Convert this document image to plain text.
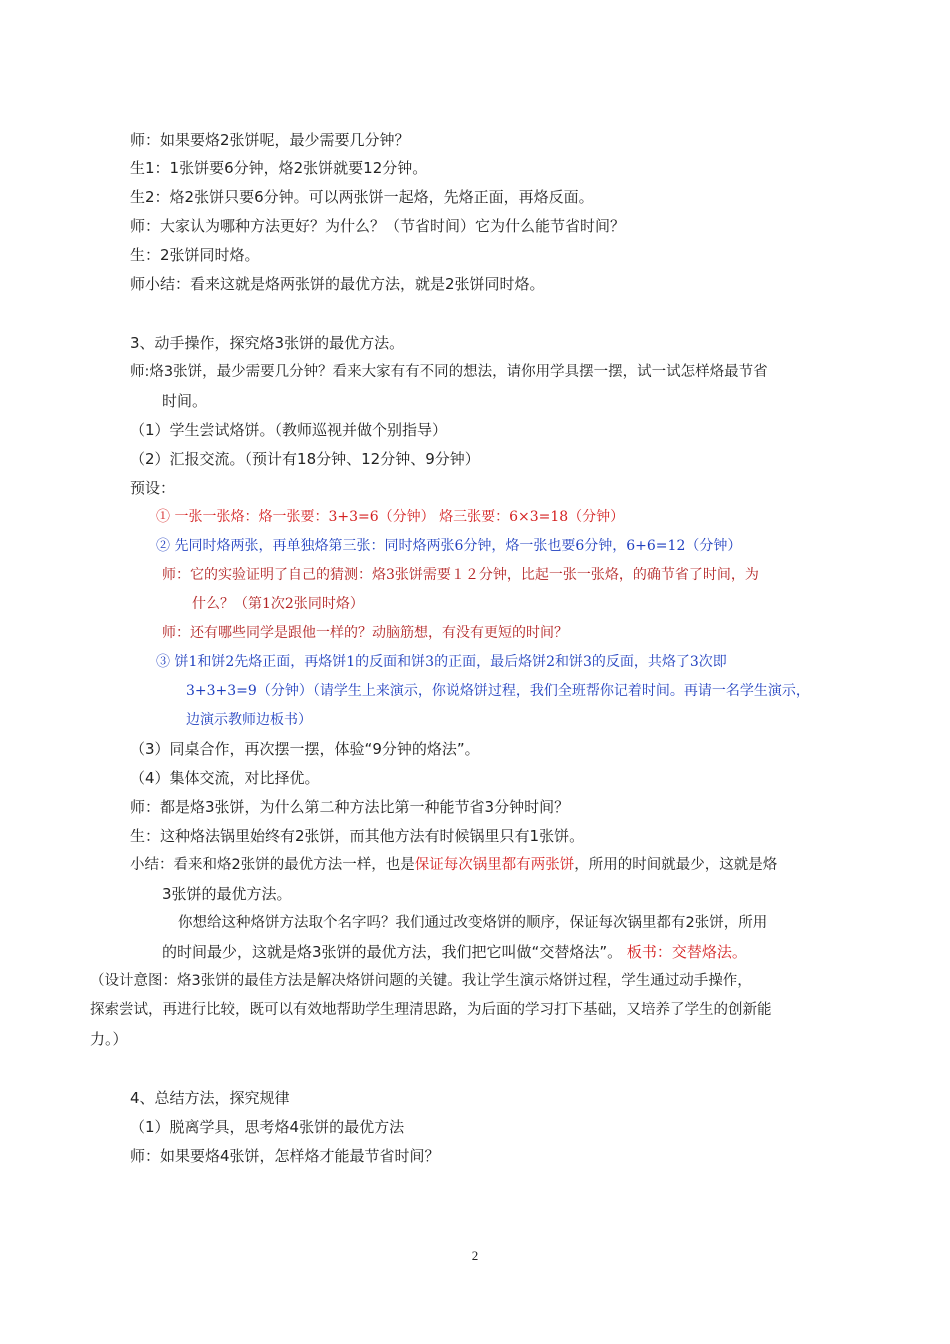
师：如果要烙2张饼呢，最少需要几分钟？
生1：1张饼要6分钟，烙2张饼就要12分钟。
生2：烙2张饼只要6分钟。可以两张饼一起烙，先烙正面，再烙反面。
师：大家认为哪种方法更好？为什么？（节省时间）它为什么能节省时间？
生：2张饼同时烙。
师小结：看来这就是烙两张饼的最优方法，就是2张饼同时烙。
3、动手操作，探究烙3张饼的最优方法。
师:烙3张饼，最少需要几分钟？看来大家有有不同的想法，请你用学具摆一摆，试一试怎样烙最节省
时间。
（1）学生尝试烙饼。（教师巡视并做个别指导）
（2）汇报交流。（预计有18分钟、12分钟、9分钟）
预设：
① 一张一张烙：烙一张要：3+3=6（分钟） 烙三张要：6×3=18（分钟）
② 先同时烙两张，再单独烙第三张：同时烙两张6分钟，烙一张也要6分钟，6+6=12（分钟）
师：它的实验证明了自己的猜测：烙3张饼需要１２分钟，比起一张一张烙，的确节省了时间，为
什么？（第1次2张同时烙）
师：还有哪些同学是跟他一样的？动脑筋想，有没有更短的时间？
③ 饼1和饼2先烙正面，再烙饼1的反面和饼3的正面，最后烙饼2和饼3的反面，共烙了3次即
3+3+3=9（分钟）（请学生上来演示，你说烙饼过程，我们全班帮你记着时间。再请一名学生演示，
边演示教师边板书）
（3）同桌合作，再次摆一摆，体验“9分钟的烙法”。
（4）集体交流，对比择优。
师：都是烙3张饼，为什么第二种方法比第一种能节省3分钟时间？
生：这种烙法锅里始终有2张饼，而其他方法有时候锅里只有1张饼。
小结：看来和烙2张饼的最优方法一样，也是保证每次锅里都有两张饼，所用的时间就最少，这就是烙
3张饼的最优方法。
你想给这种烙饼方法取个名字吗？我们通过改变烙饼的顺序，保证每次锅里都有2张饼，所用
的时间最少，这就是烙3张饼的最优方法，我们把它叫做“交替烙法”。 板书：交替烙法。
（设计意图：烙3张饼的最佳方法是解决烙饼问题的关键。我让学生演示烙饼过程，学生通过动手操作，
探索尝试，再进行比较，既可以有效地帮助学生理清思路，为后面的学习打下基础，又培养了学生的创新能
力。）
4、总结方法，探究规律
（1）脱离学具，思考烙4张饼的最优方法
师：如果要烙4张饼，怎样烙才能最节省时间？
2
